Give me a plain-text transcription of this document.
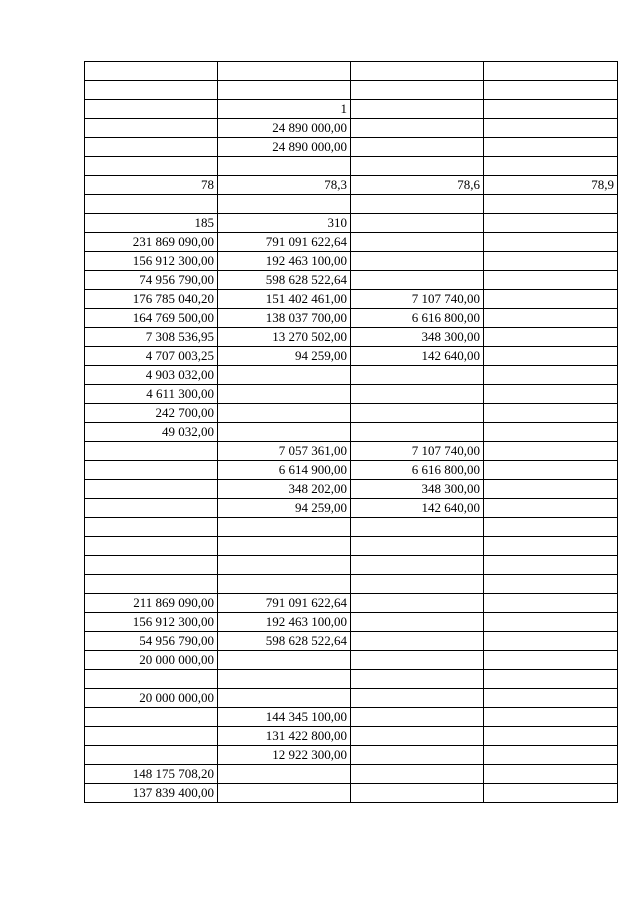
	1		
	24 890 000,00		
	24 890 000,00		

78	78,3	78,6	78,9

185	310		
231 869 090,00	791 091 622,64		
156 912 300,00	192 463 100,00		
74 956 790,00	598 628 522,64		
176 785 040,20	151 402 461,00	7 107 740,00	
164 769 500,00	138 037 700,00	6 616 800,00	
7 308 536,95	13 270 502,00	348 300,00	
4 707 003,25	94 259,00	142 640,00	
4 903 032,00			
4 611 300,00			
242 700,00			
49 032,00			
	7 057 361,00	7 107 740,00	
	6 614 900,00	6 616 800,00	
	348 202,00	348 300,00	
	94 259,00	142 640,00	

211 869 090,00	791 091 622,64		
156 912 300,00	192 463 100,00		
54 956 790,00	598 628 522,64		
20 000 000,00			

20 000 000,00			
	144 345 100,00		
	131 422 800,00		
	12 922 300,00		
148 175 708,20			
137 839 400,00			
